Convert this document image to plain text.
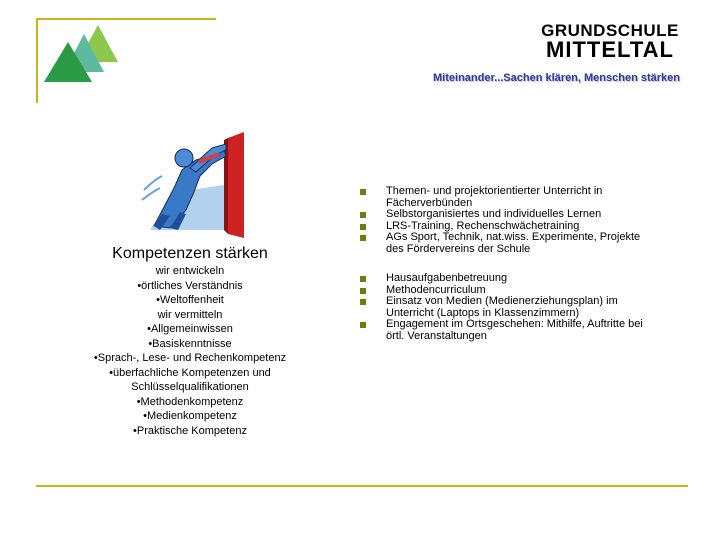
GRUNDSCHULE
MITTELTAL
Miteinander...Sachen klären, Menschen stärken
Kompetenzen stärken
wir entwickeln
•örtliches Verständnis
•Weltoffenheit
wir vermitteln
•Allgemeinwissen
•Basiskenntnisse
•Sprach-, Lese- und Rechenkompetenz
•überfachliche Kompetenzen und
Schlüsselqualifikationen
•Methodenkompetenz
•Medienkompetenz
•Praktische Kompetenz
Themen- und projektorientierter Unterricht in Fächerverbünden
Selbstorganisiertes und individuelles Lernen
LRS-Training, Rechenschwächetraining
AGs Sport, Technik, nat.wiss. Experimente, Projekte des Fördervereins der Schule
Hausaufgabenbetreuung
Methodencurriculum
Einsatz von Medien (Medienerziehungsplan) im Unterricht (Laptops in Klassenzimmern)
Engagement im Ortsgeschehen: Mithilfe, Auftritte bei örtl. Veranstaltungen
